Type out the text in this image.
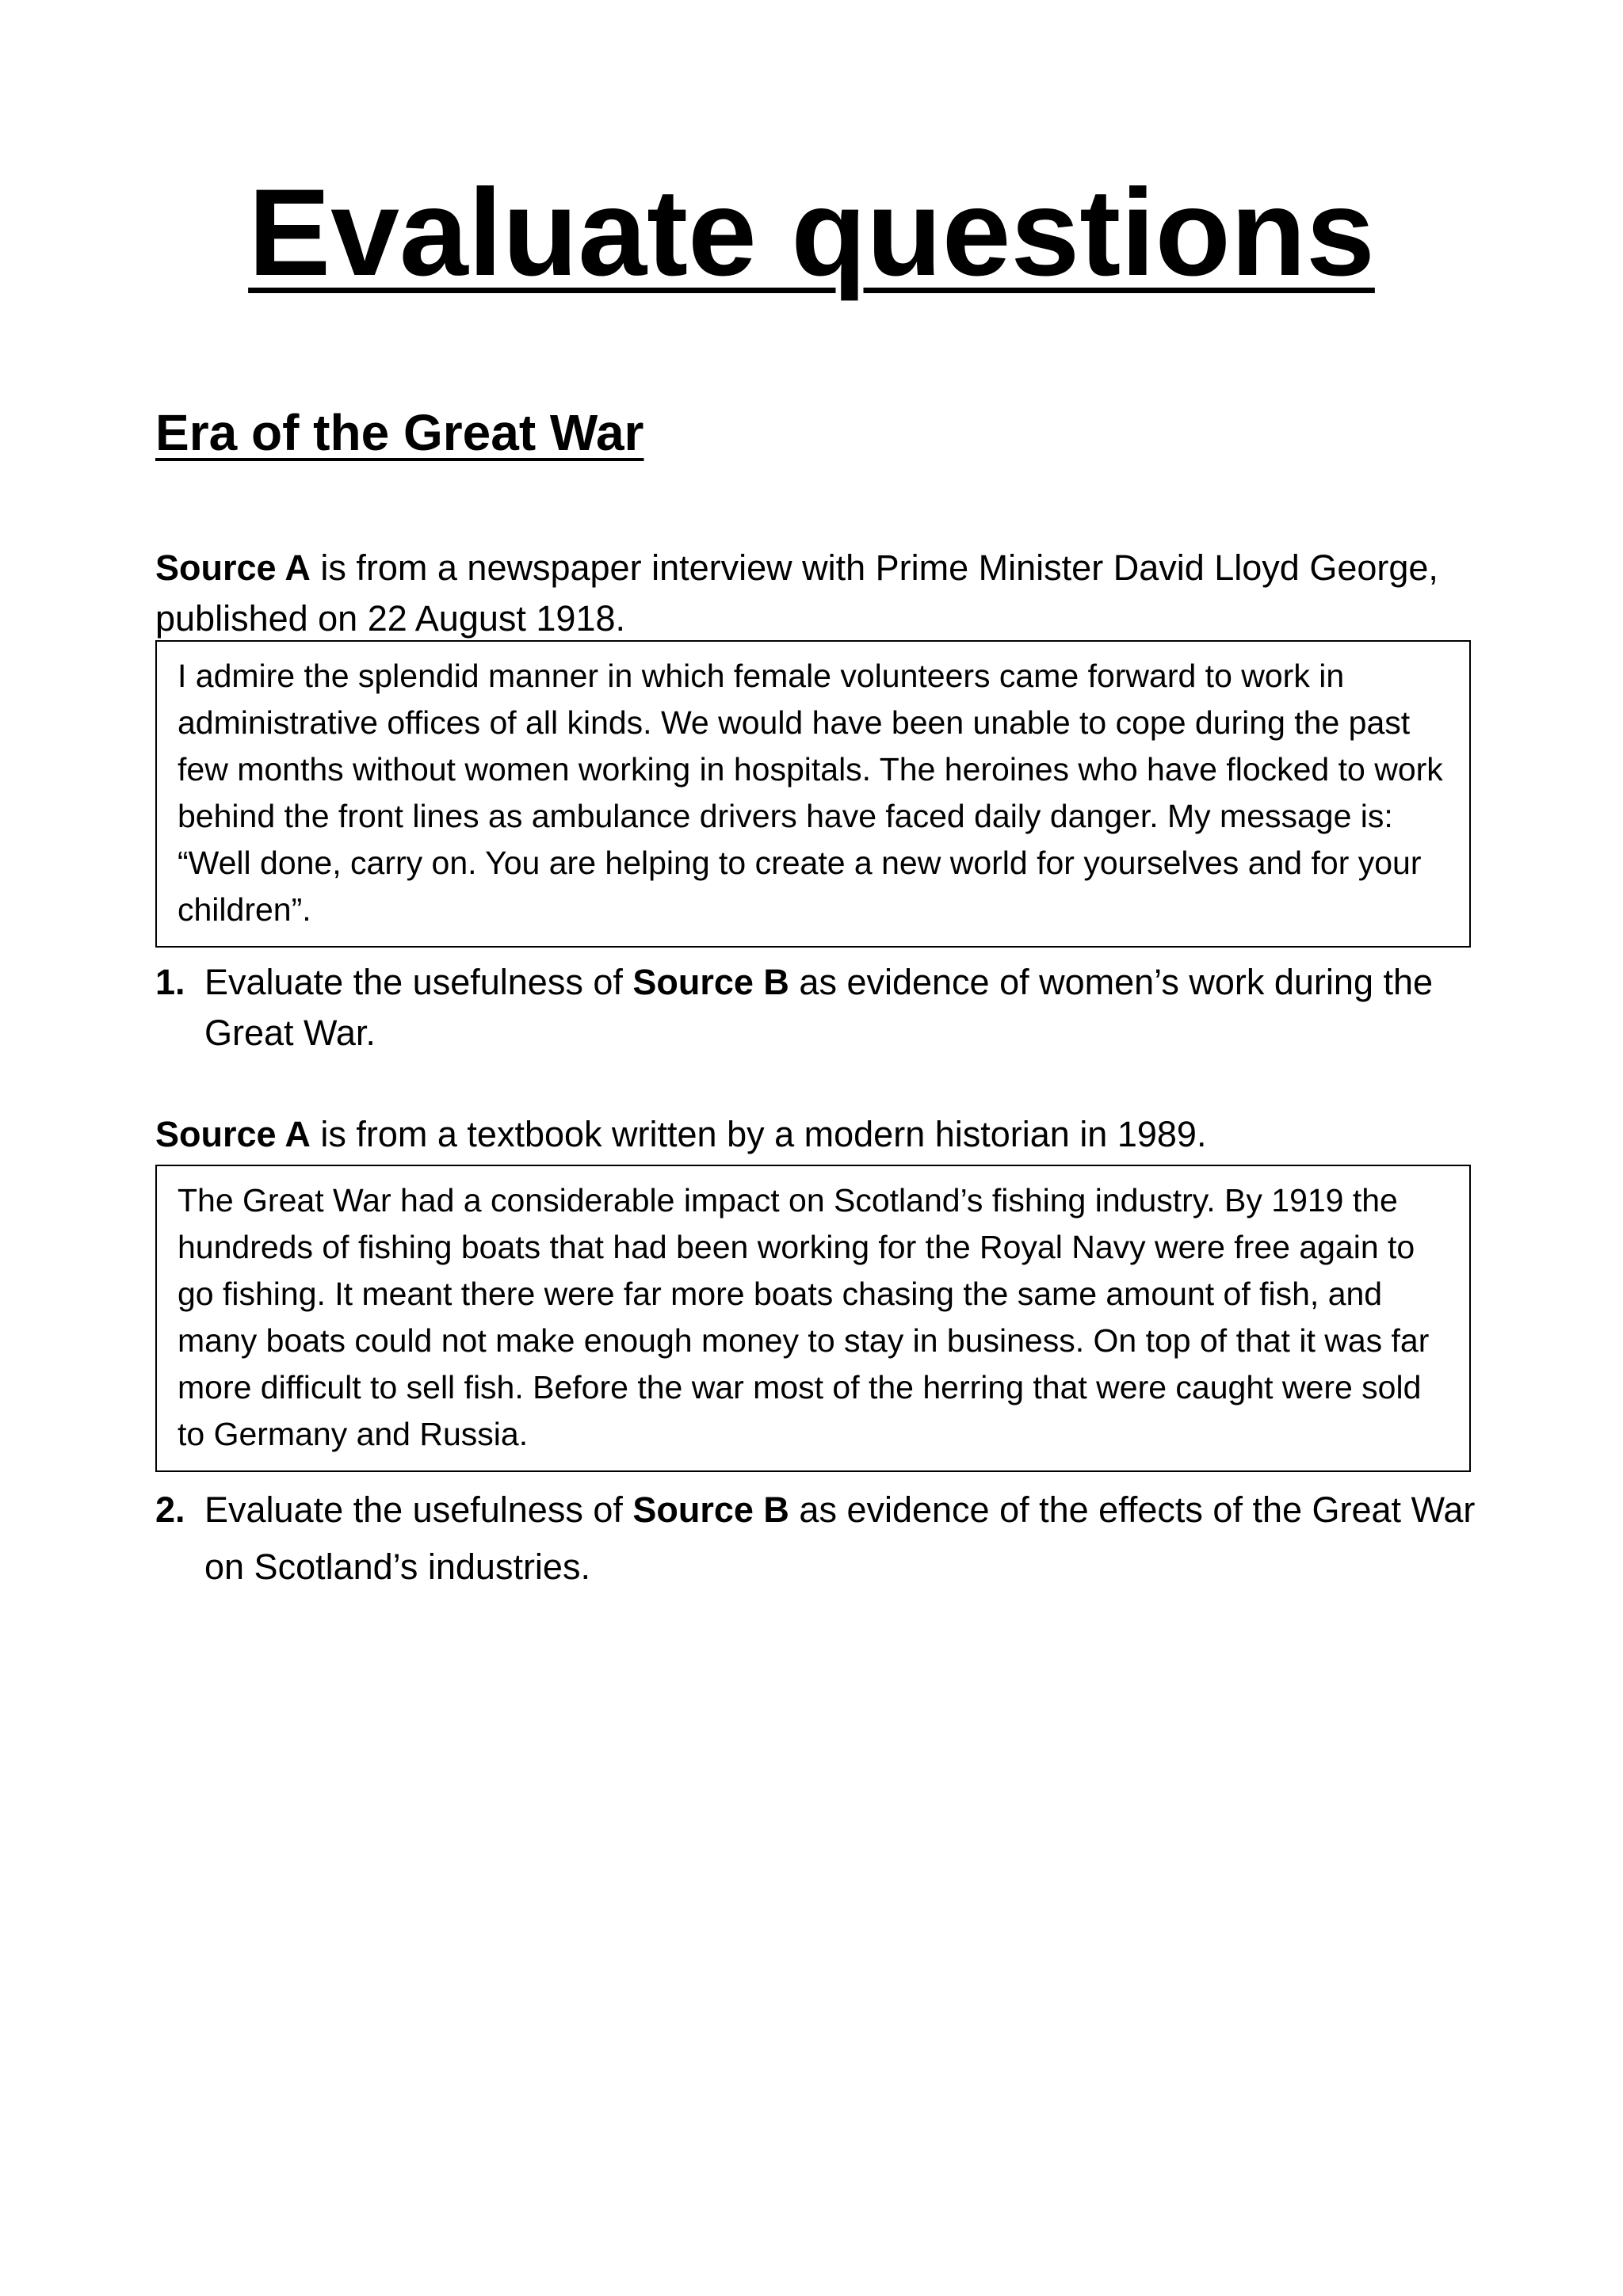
Evaluate questions
Era of the Great War

Source A is from a newspaper interview with Prime Minister David Lloyd George, published on 22 August 1918.

I admire the splendid manner in which female volunteers came forward to work in administrative offices of all kinds. We would have been unable to cope during the past few months without women working in hospitals. The heroines who have flocked to work behind the front lines as ambulance drivers have faced daily danger. My message is: “Well done, carry on. You are helping to create a new world for yourselves and for your children”.
1. Evaluate the usefulness of Source B as evidence of women’s work during the Great War.

Source A is from a textbook written by a modern historian in 1989.

The Great War had a considerable impact on Scotland’s fishing industry. By 1919 the hundreds of fishing boats that had been working for the Royal Navy were free again to go fishing. It meant there were far more boats chasing the same amount of fish, and many boats could not make enough money to stay in business. On top of that it was far more difficult to sell fish. Before the war most of the herring that were caught were sold to Germany and Russia.
2. Evaluate the usefulness of Source B as evidence of the effects of the Great War on Scotland’s industries.
